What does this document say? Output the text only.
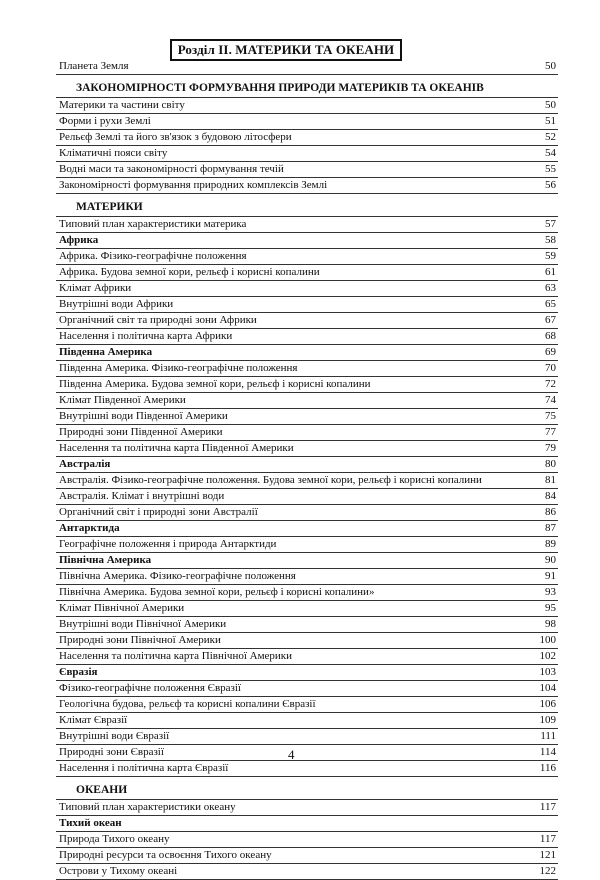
Розділ II. МАТЕРИКИ ТА ОКЕАНИ
Планета Земля	50
ЗАКОНОМІРНОСТІ ФОРМУВАННЯ ПРИРОДИ МАТЕРИКІВ ТА ОКЕАНІВ
Материки та частини світу	50
Форми і рухи Землі	51
Рельєф Землі та його зв'язок з будовою літосфери	52
Кліматичні пояси світу	54
Водні маси та закономірності формування течій	55
Закономірності формування природних комплексів Землі	56
МАТЕРИКИ
Типовий план характеристики материка	57
Африка	58
Африка. Фізико-географічне положення	59
Африка. Будова земної кори, рельєф і корисні копалини	61
Клімат Африки	63
Внутрішні води Африки	65
Органічний світ та природні зони Африки	67
Населення і політична карта Африки	68
Південна Америка	69
Південна Америка. Фізико-географічне положення	70
Південна Америка. Будова земної кори, рельєф і корисні копалини	72
Клімат Південної Америки	74
Внутрішні води Південної Америки	75
Природні зони Південної Америки	77
Населення та політична карта Південної Америки	79
Австралія	80
Австралія. Фізико-географічне положення. Будова земної кори, рельєф і корисні копалини	81
Австралія. Клімат і внутрішні води	84
Органічний світ і природні зони Австралії	86
Антарктида	87
Географічне положення і природа Антарктиди	89
Північна Америка	90
Північна Америка. Фізико-географічне положення	91
Північна Америка. Будова земної кори, рельєф і корисні копалини»	93
Клімат Північної Америки	95
Внутрішні води Північної Америки	98
Природні зони Північної Америки	100
Населення та політична карта Північної Америки	102
Євразія	103
Фізико-географічне положення Євразії	104
Геологічна будова, рельєф та корисні копалини Євразії	106
Клімат Євразії	109
Внутрішні води Євразії	111
Природні зони Євразії	114
Населення і політична карта Євразії	116
ОКЕАНИ
Типовий план характеристики океану	117
Тихий океан
Природа Тихого океану	117
Природні ресурси та освоєння Тихого океану	121
Острови у Тихому океані	122
4
